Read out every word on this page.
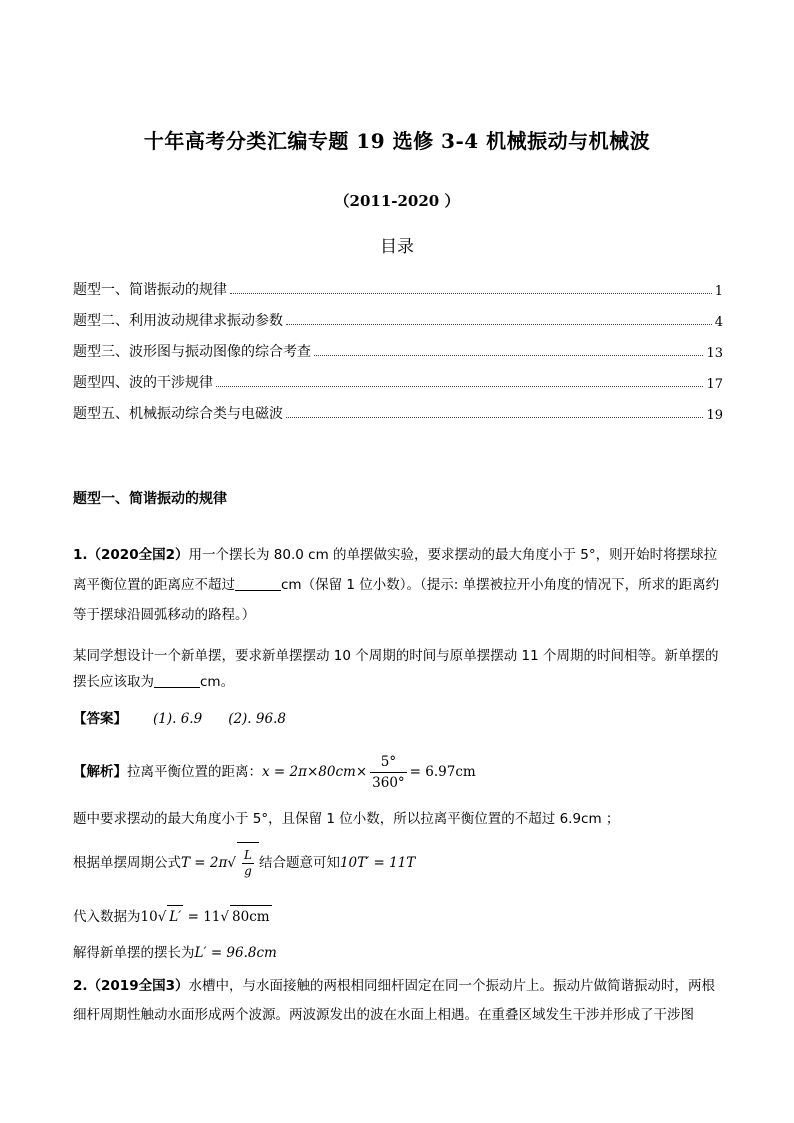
十年高考分类汇编专题 19 选修 3-4 机械振动与机械波
（2011-2020 ）
目录
题型一、简谐振动的规律	1
题型二、利用波动规律求振动参数	4
题型三、波形图与振动图像的综合考查	13
题型四、波的干涉规律	17
题型五、机械振动综合类与电磁波	19
题型一、简谐振动的规律
1.（2020全国2）用一个摆长为 80.0 cm 的单摆做实验，要求摆动的最大角度小于 5°，则开始时将摆球拉离平衡位置的距离应不超过	cm（保留 1 位小数）。（提示: 单摆被拉开小角度的情况下，所求的距离约等于摆球沿圆弧移动的路程。）
某同学想设计一个新单摆，要求新单摆摆动 10 个周期的时间与原单摆摆动 11 个周期的时间相等。新单摆的摆长应该取为	cm。
【答案】 (1). 6.9 (2). 96.8
【解析】拉离平衡位置的距离：$x = 2\pi\times 80cm\times \frac{5^\circ}{360^\circ} = 6.97cm$
题中要求摆动的最大角度小于 5°，且保留 1 位小数，所以拉离平衡位置的不超过 6.9cm ；
根据单摆周期公式$T = 2\pi√ \frac{L}{g}$ 结合题意可知10T′ = 11T
代入数据为10√ L′ = 11√ 80cm
解得新单摆的摆长为L′ = 96.8cm
2.（2019全国3）水槽中，与水面接触的两根相同细杆固定在同一个振动片上。振动片做简谐振动时，两根细杆周期性触动水面形成两个波源。两波源发出的波在水面上相遇。在重叠区域发生干涉并形成了干涉图
